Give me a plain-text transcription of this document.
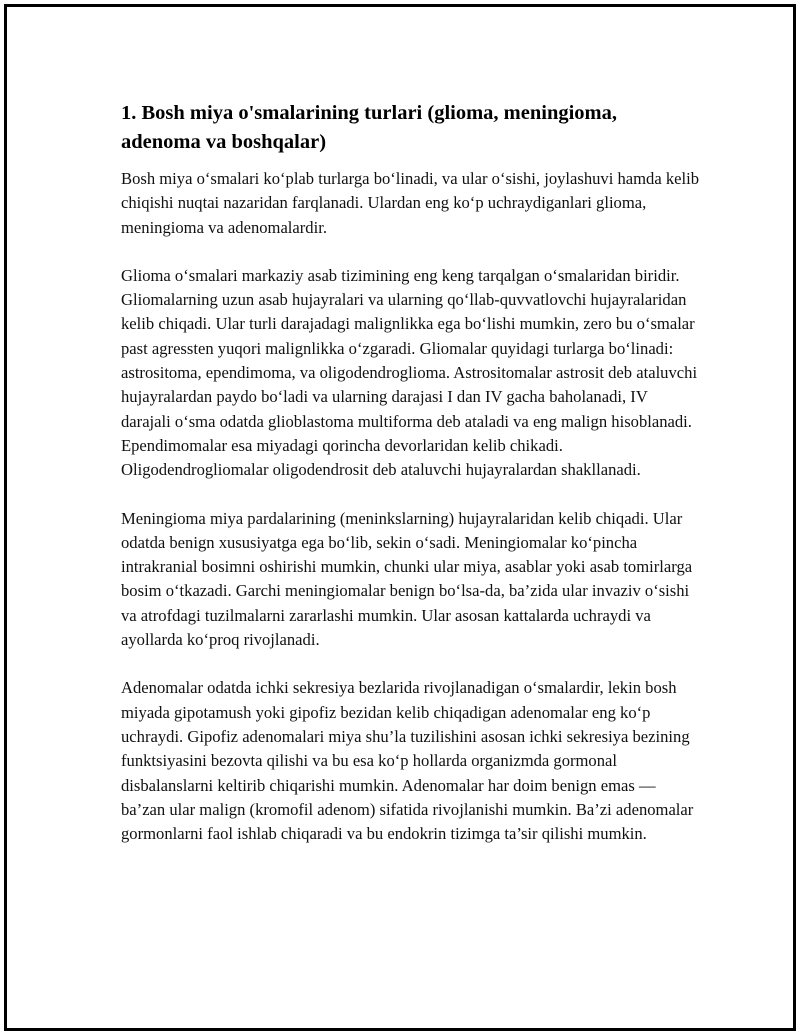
1. Bosh miya o'smalarining turlari (glioma, meningioma, adenoma va boshqalar)

Bosh miya o‘smalari ko‘plab turlarga bo‘linadi, va ular o‘sishi, joylashuvi hamda kelib chiqishi nuqtai nazaridan farqlanadi. Ulardan eng ko‘p uchraydiganlari glioma, meningioma va adenomalardir.

Glioma o‘smalari markaziy asab tizimining eng keng tarqalgan o‘smalaridan biridir. Gliomalarning uzun asab hujayralari va ularning qo‘llab-quvvatlovchi hujayralaridan kelib chiqadi. Ular turli darajadagi malignlikka ega bo‘lishi mumkin, zero bu o‘smalar past agressten yuqori malignlikka o‘zgaradi. Gliomalar quyidagi turlarga bo‘linadi: astrositoma, ependimoma, va oligodendroglioma. Astrositomalar astrosit deb ataluvchi hujayralardan paydo bo‘ladi va ularning darajasi I dan IV gacha baholanadi, IV darajali o‘sma odatda glioblastoma multiforma deb ataladi va eng malign hisoblanadi. Ependimomalar esa miyadagi qorincha devorlaridan kelib chikadi. Oligodendrogliomalar oligodendrosit deb ataluvchi hujayralardan shakllanadi.

Meningioma miya pardalarining (meninkslarning) hujayralaridan kelib chiqadi. Ular odatda benign xususiyatga ega bo‘lib, sekin o‘sadi. Meningiomalar ko‘pincha intrakranial bosimni oshirishi mumkin, chunki ular miya, asablar yoki asab tomirlarga bosim o‘tkazadi. Garchi meningiomalar benign bo‘lsa-da, ba’zida ular invaziv o‘sishi va atrofdagi tuzilmalarni zararlashi mumkin. Ular asosan kattalarda uchraydi va ayollarda ko‘proq rivojlanadi.

Adenomalar odatda ichki sekresiya bezlarida rivojlanadigan o‘smalardir, lekin bosh miyada gipotamush yoki gipofiz bezidan kelib chiqadigan adenomalar eng ko‘p uchraydi. Gipofiz adenomalari miya shu’la tuzilishini asosan ichki sekresiya bezining funktsiyasini bezovta qilishi va bu esa ko‘p hollarda organizmda gormonal disbalanslarni keltirib chiqarishi mumkin. Adenomalar har doim benign emas — ba’zan ular malign (kromofil adenom) sifatida rivojlanishi mumkin. Ba’zi adenomalar gormonlarni faol ishlab chiqaradi va bu endokrin tizimga ta’sir qilishi mumkin.
